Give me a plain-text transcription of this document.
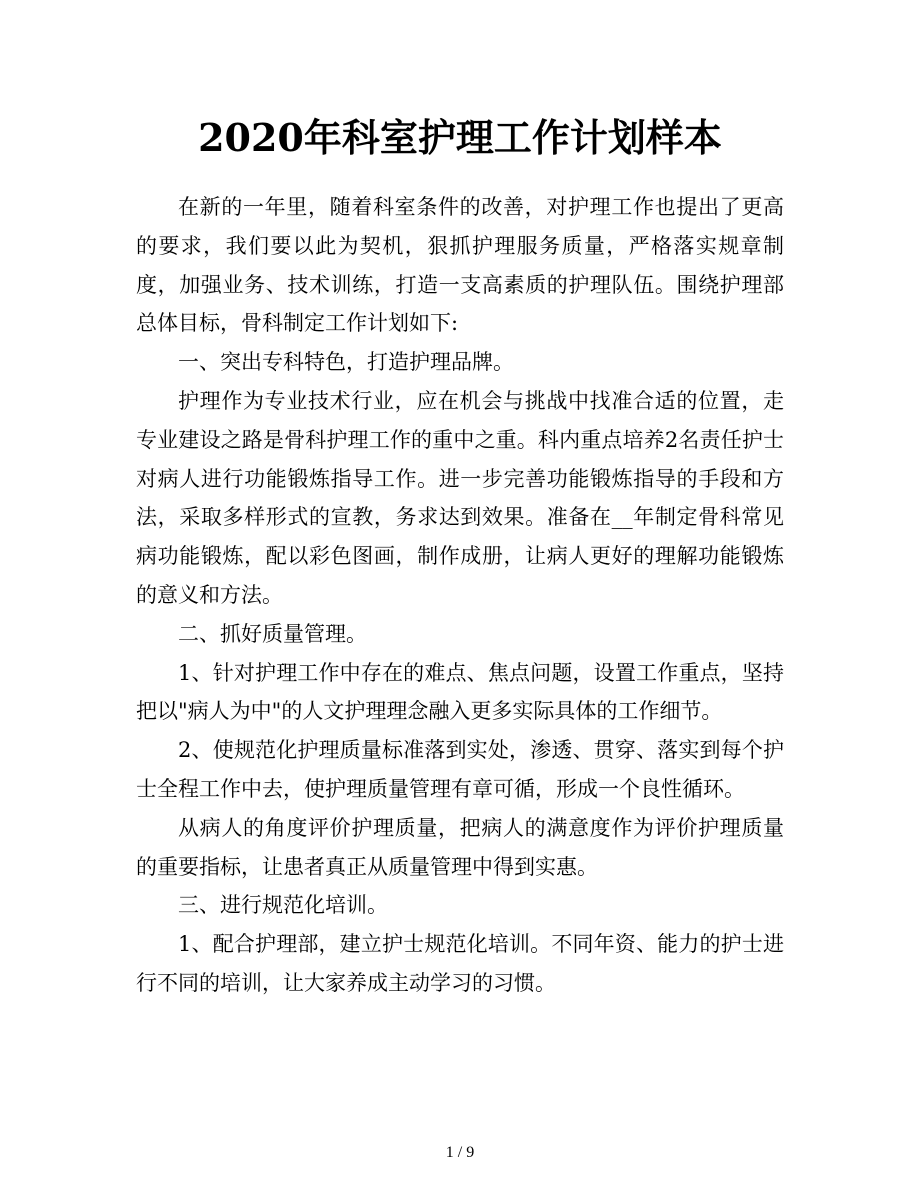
2020年科室护理工作计划样本

在新的一年里，随着科室条件的改善，对护理工作也提出了更高的要求，我们要以此为契机，狠抓护理服务质量，严格落实规章制度，加强业务、技术训练，打造一支高素质的护理队伍。围绕护理部总体目标，骨科制定工作计划如下:

一、突出专科特色，打造护理品牌。

护理作为专业技术行业，应在机会与挑战中找准合适的位置，走专业建设之路是骨科护理工作的重中之重。科内重点培养2名责任护士对病人进行功能锻炼指导工作。进一步完善功能锻炼指导的手段和方法，采取多样形式的宣教，务求达到效果。准备在__年制定骨科常见病功能锻炼，配以彩色图画，制作成册，让病人更好的理解功能锻炼的意义和方法。

二、抓好质量管理。

1、针对护理工作中存在的难点、焦点问题，设置工作重点，坚持把以"病人为中"的人文护理理念融入更多实际具体的工作细节。

2、使规范化护理质量标准落到实处，渗透、贯穿、落实到每个护士全程工作中去，使护理质量管理有章可循，形成一个良性循环。

从病人的角度评价护理质量，把病人的满意度作为评价护理质量的重要指标，让患者真正从质量管理中得到实惠。

三、进行规范化培训。

1、配合护理部，建立护士规范化培训。不同年资、能力的护士进行不同的培训，让大家养成主动学习的习惯。

1 / 9
